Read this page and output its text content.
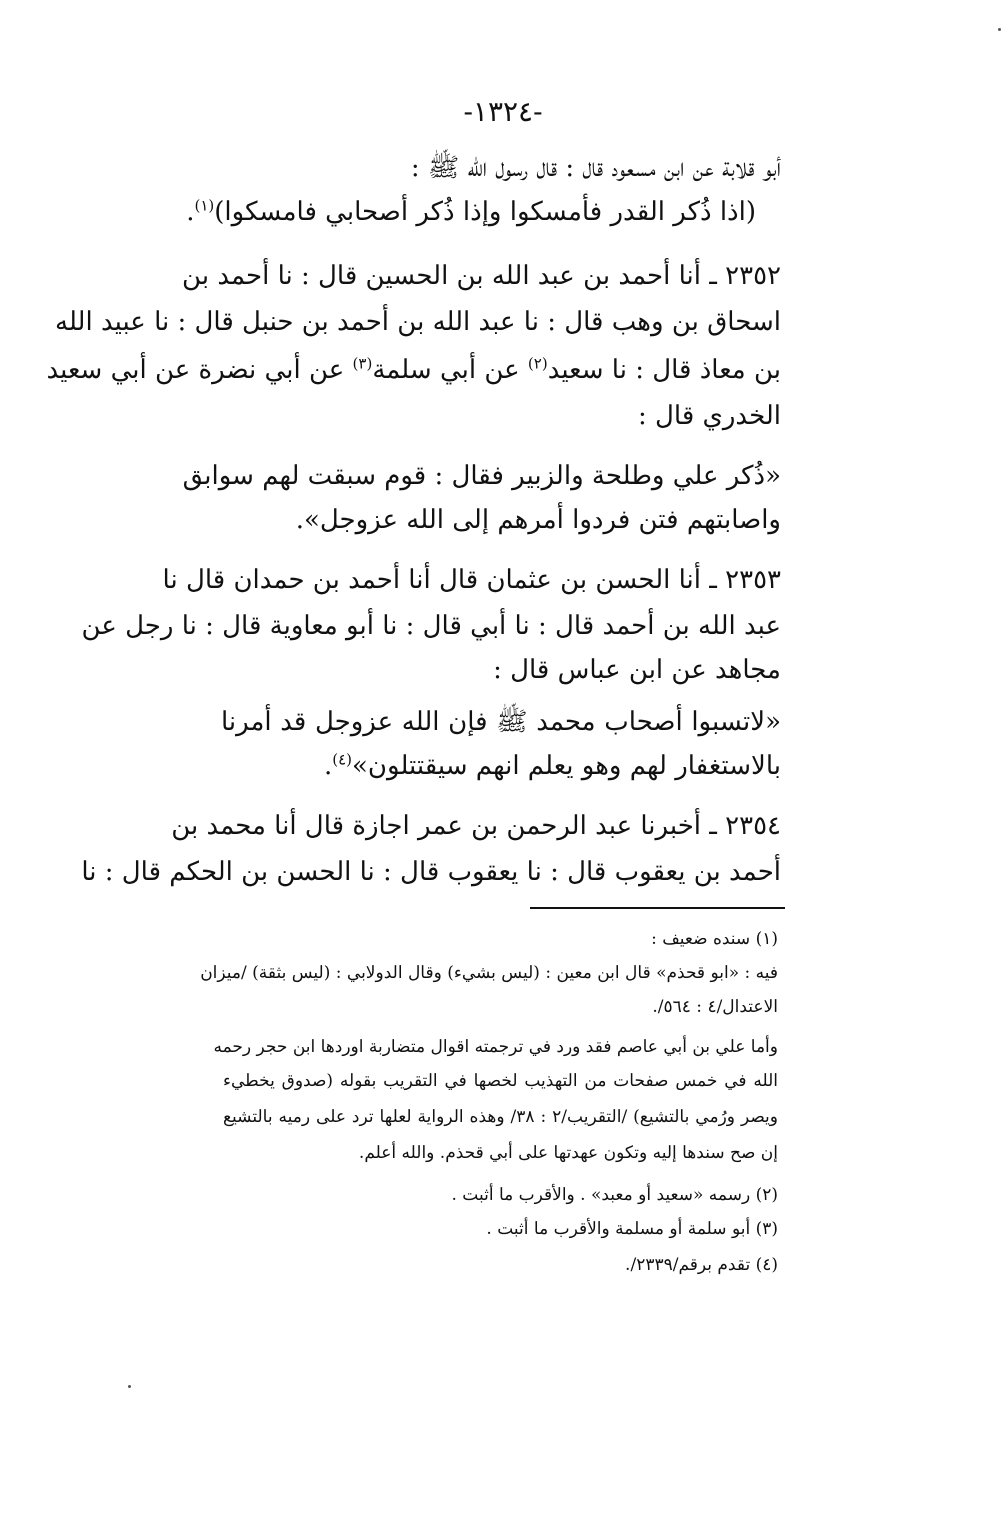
-١٣٢٤-
أبو قلابة عن ابن مسعود قال : قال رسول الله ﷺ :
(اذا ذُكر القدر فأمسكوا وإذا ذُكر أصحابي فامسكوا)$^{(١)}$.
٢٣٥٢ ـ أنا أحمد بن عبد الله بن الحسين قال : نا أحمد بن
اسحاق بن وهب قال : نا عبد الله بن أحمد بن حنبل قال : نا عبيد الله
بن معاذ قال : نا سعيد$^{(٢)}$ عن أبي سلمة$^{(٣)}$ عن أبي نضرة عن أبي سعيد
الخدري قال :
«ذُكر علي وطلحة والزبير فقال : قوم سبقت لهم سوابق
واصابتهم فتن فردوا أمرهم إلى الله عزوجل».
٢٣٥٣ ـ أنا الحسن بن عثمان قال أنا أحمد بن حمدان قال نا
عبد الله بن أحمد قال : نا أبي قال : نا أبو معاوية قال : نا رجل عن
مجاهد عن ابن عباس قال :
«لاتسبوا أصحاب محمد ﷺ فإن الله عزوجل قد أمرنا
بالاستغفار لهم وهو يعلم انهم سيقتتلون»$^{(٤)}$.
٢٣٥٤ ـ أخبرنا عبد الرحمن بن عمر اجازة قال أنا محمد بن
أحمد بن يعقوب قال : نا يعقوب قال : نا الحسن بن الحكم قال : نا
(١) سنده ضعيف :
فيه : «ابو قحذم» قال ابن معين : (ليس بشيء) وقال الدولابي : (ليس بثقة) /ميزان
الاعتدال/٤ : ٥٦٤/.
وأما علي بن أبي عاصم فقد ورد في ترجمته اقوال متضاربة اوردها ابن حجر رحمه
الله في خمس صفحات من التهذيب لخصها في التقريب بقوله (صدوق يخطيء
ويصر ورُمي بالتشيع) /التقريب/٢ : ٣٨/ وهذه الرواية لعلها ترد على رميه بالتشيع
إن صح سندها إليه وتكون عهدتها على أبي قحذم. والله أعلم.
(٢) رسمه «سعيد أو معبد» . والأقرب ما أثبت .
(٣) أبو سلمة أو مسلمة والأقرب ما أثبت .
(٤) تقدم برقم/٢٣٣٩/.
